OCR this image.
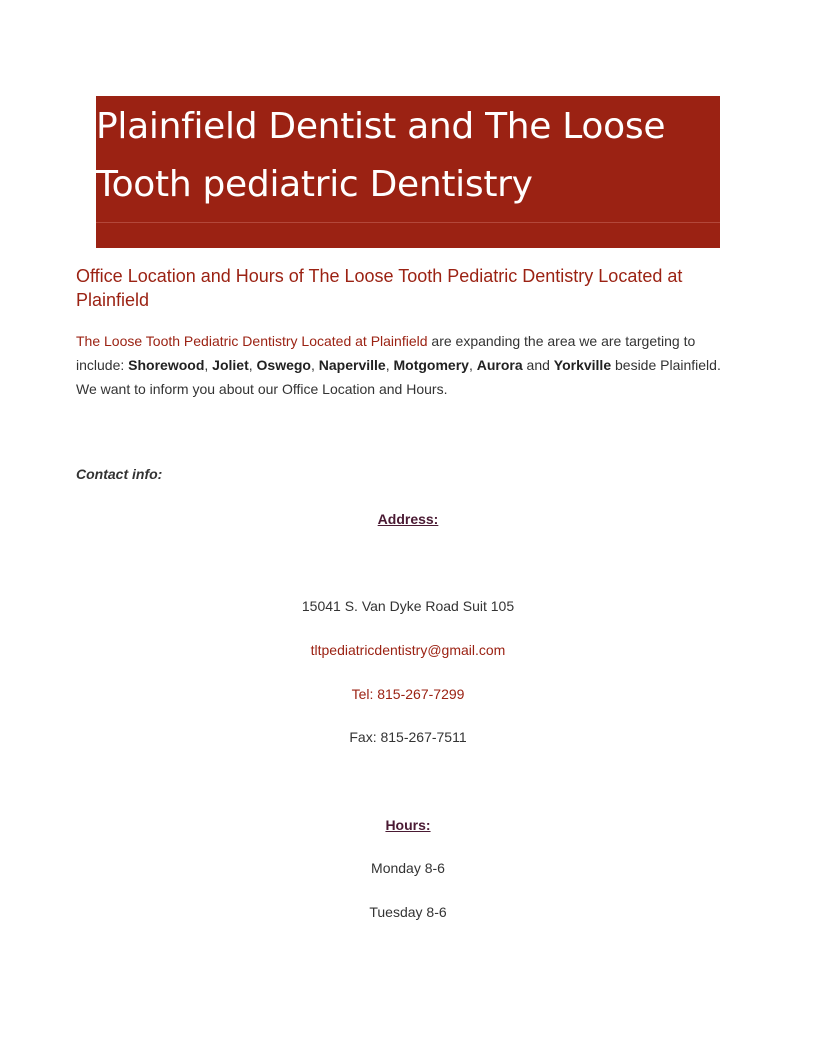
Plainfield Dentist and The Loose
Tooth pediatric Dentistry
Office Location and Hours of The Loose Tooth Pediatric Dentistry Located at Plainfield

The Loose Tooth Pediatric Dentistry Located at Plainfield are expanding the area we are targeting to include: Shorewood, Joliet, Oswego, Naperville, Motgomery, Aurora and Yorkville beside Plainfield. We want to inform you about our Office Location and Hours.

Contact info:

Address:

15041 S. Van Dyke Road Suit 105

tltpediatricdentistry@gmail.com

Tel: 815-267-7299

Fax: 815-267-7511

Hours:

Monday 8-6

Tuesday 8-6
